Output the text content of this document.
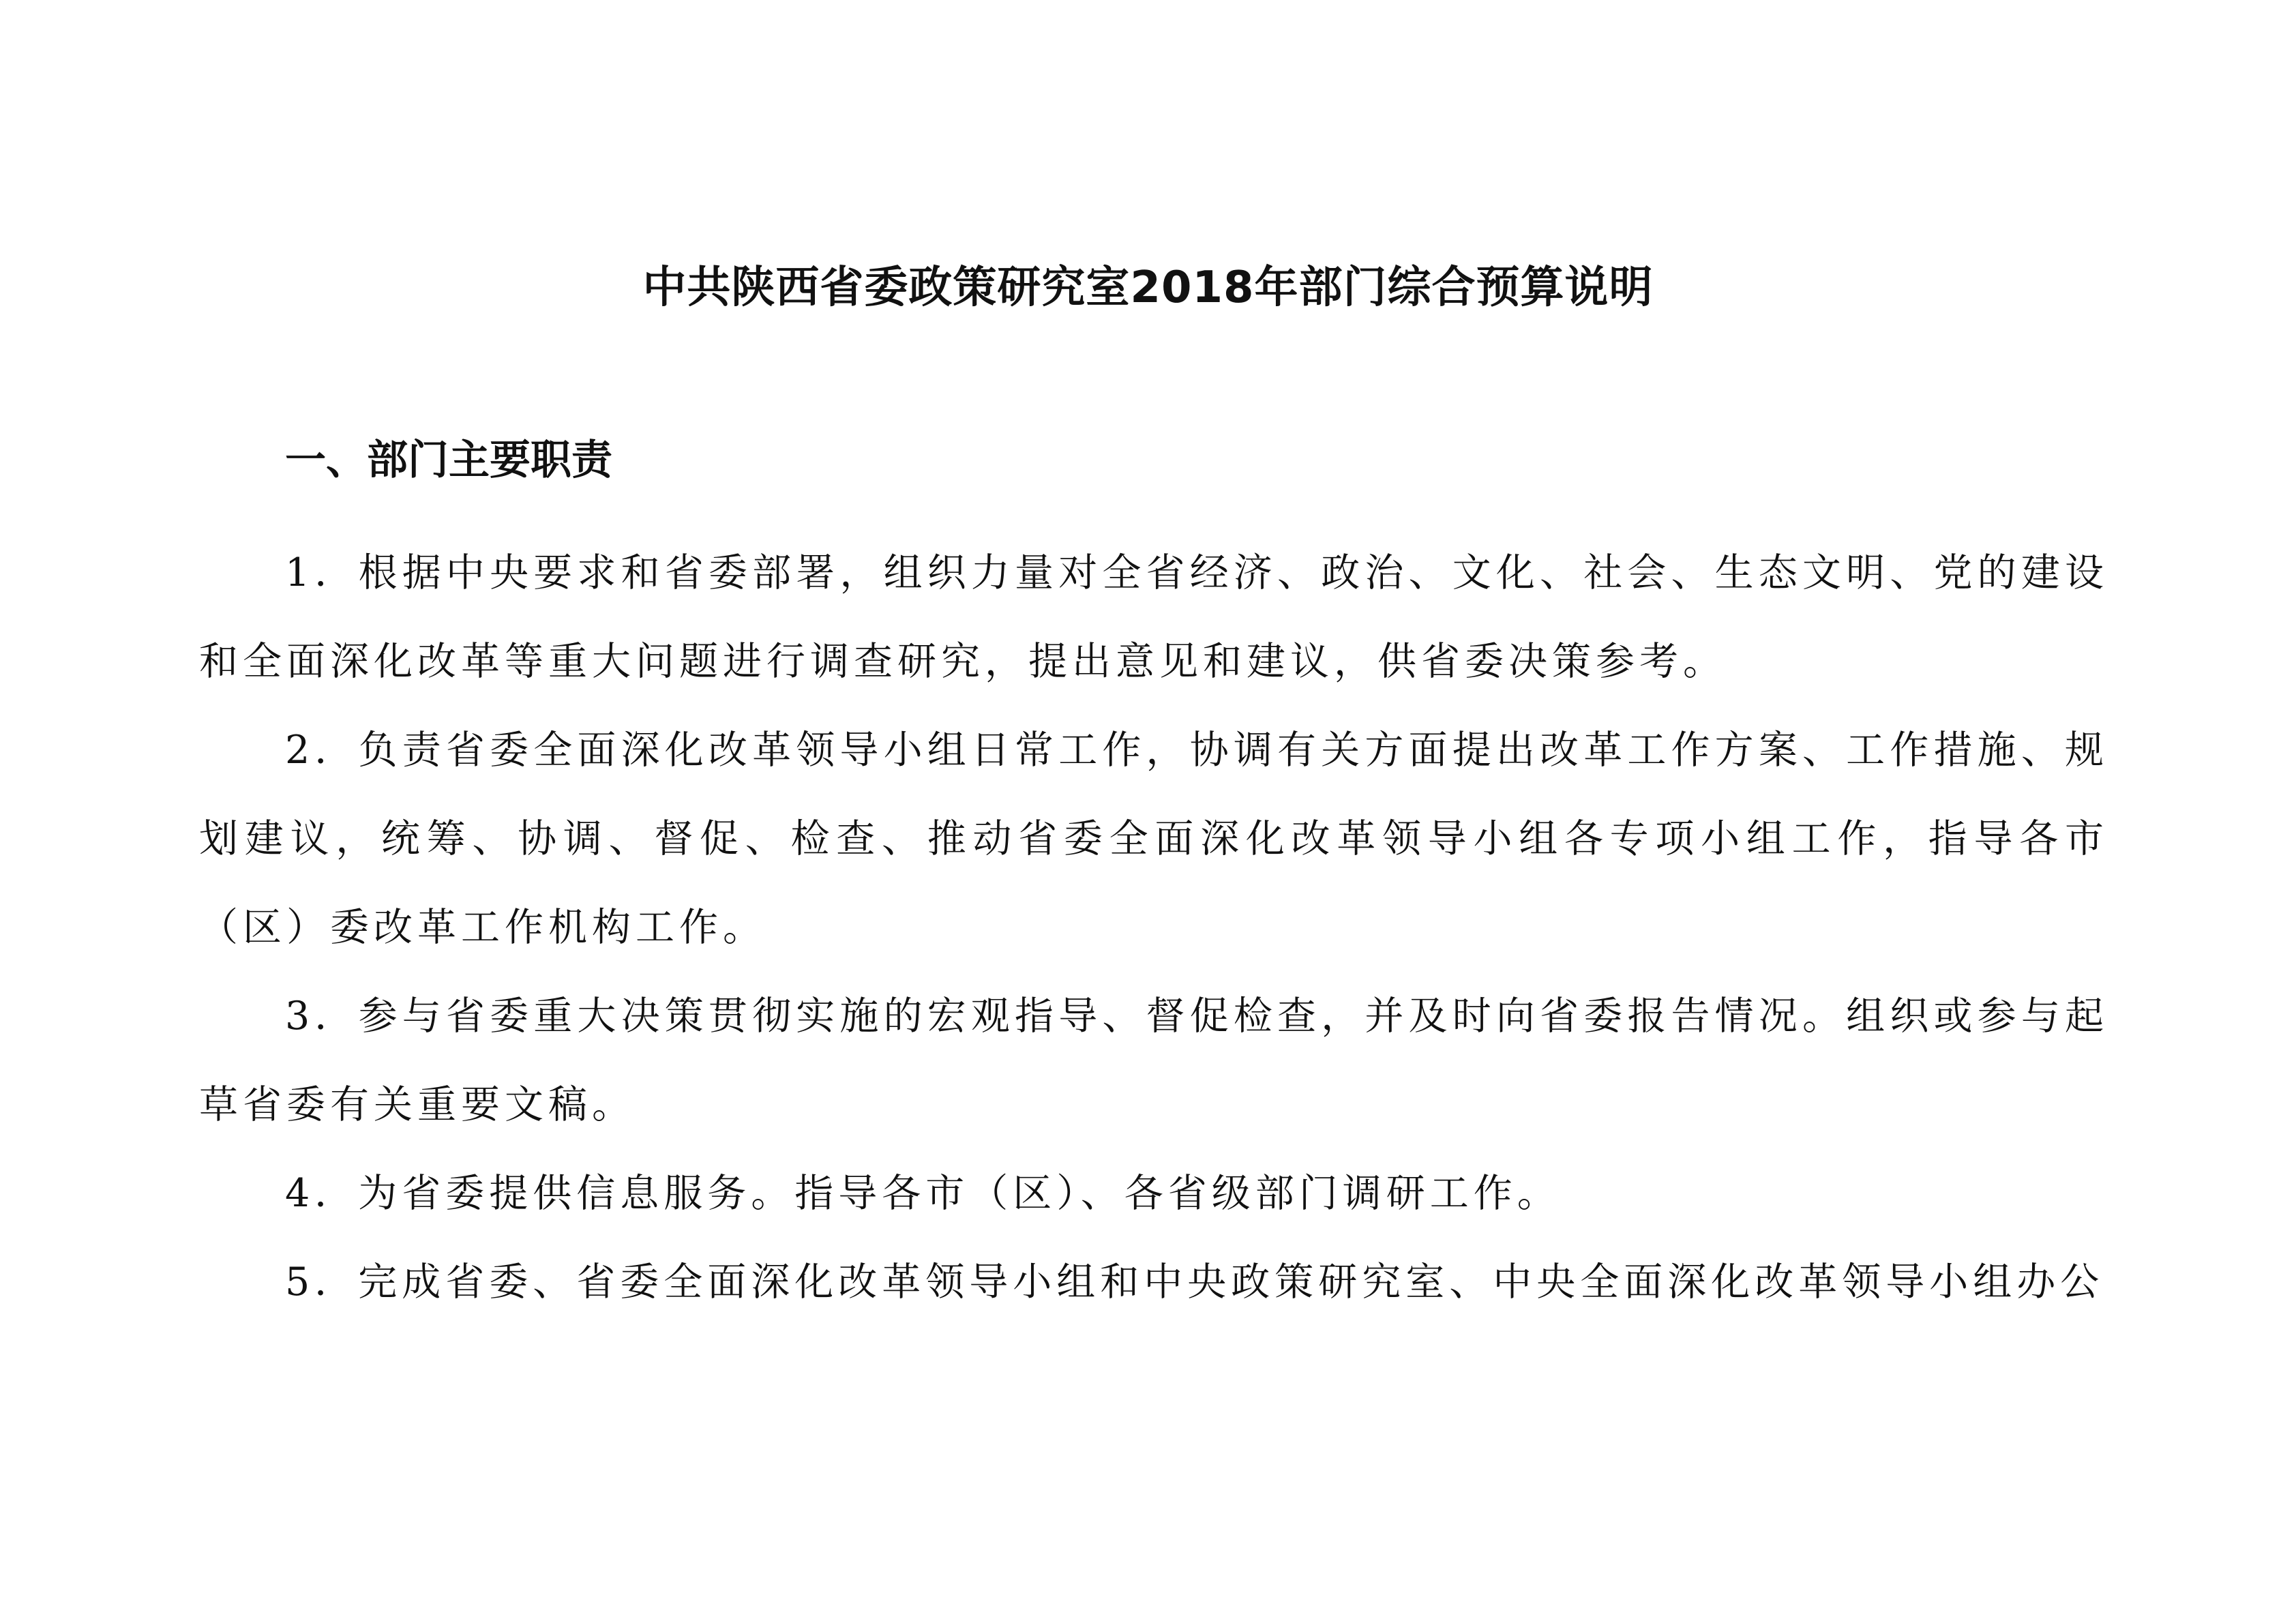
中共陕西省委政策研究室2018年部门综合预算说明
一、部门主要职责
1．根据中央要求和省委部署，组织力量对全省经济、政治、文化、社会、生态文明、党的建设和全面深化改革等重大问题进行调查研究，提出意见和建议，供省委决策参考。
2．负责省委全面深化改革领导小组日常工作，协调有关方面提出改革工作方案、工作措施、规划建议，统筹、协调、督促、检查、推动省委全面深化改革领导小组各专项小组工作，指导各市（区）委改革工作机构工作。
3．参与省委重大决策贯彻实施的宏观指导、督促检查，并及时向省委报告情况。组织或参与起草省委有关重要文稿。
4．为省委提供信息服务。指导各市（区）、各省级部门调研工作。
5．完成省委、省委全面深化改革领导小组和中央政策研究室、中央全面深化改革领导小组办公
